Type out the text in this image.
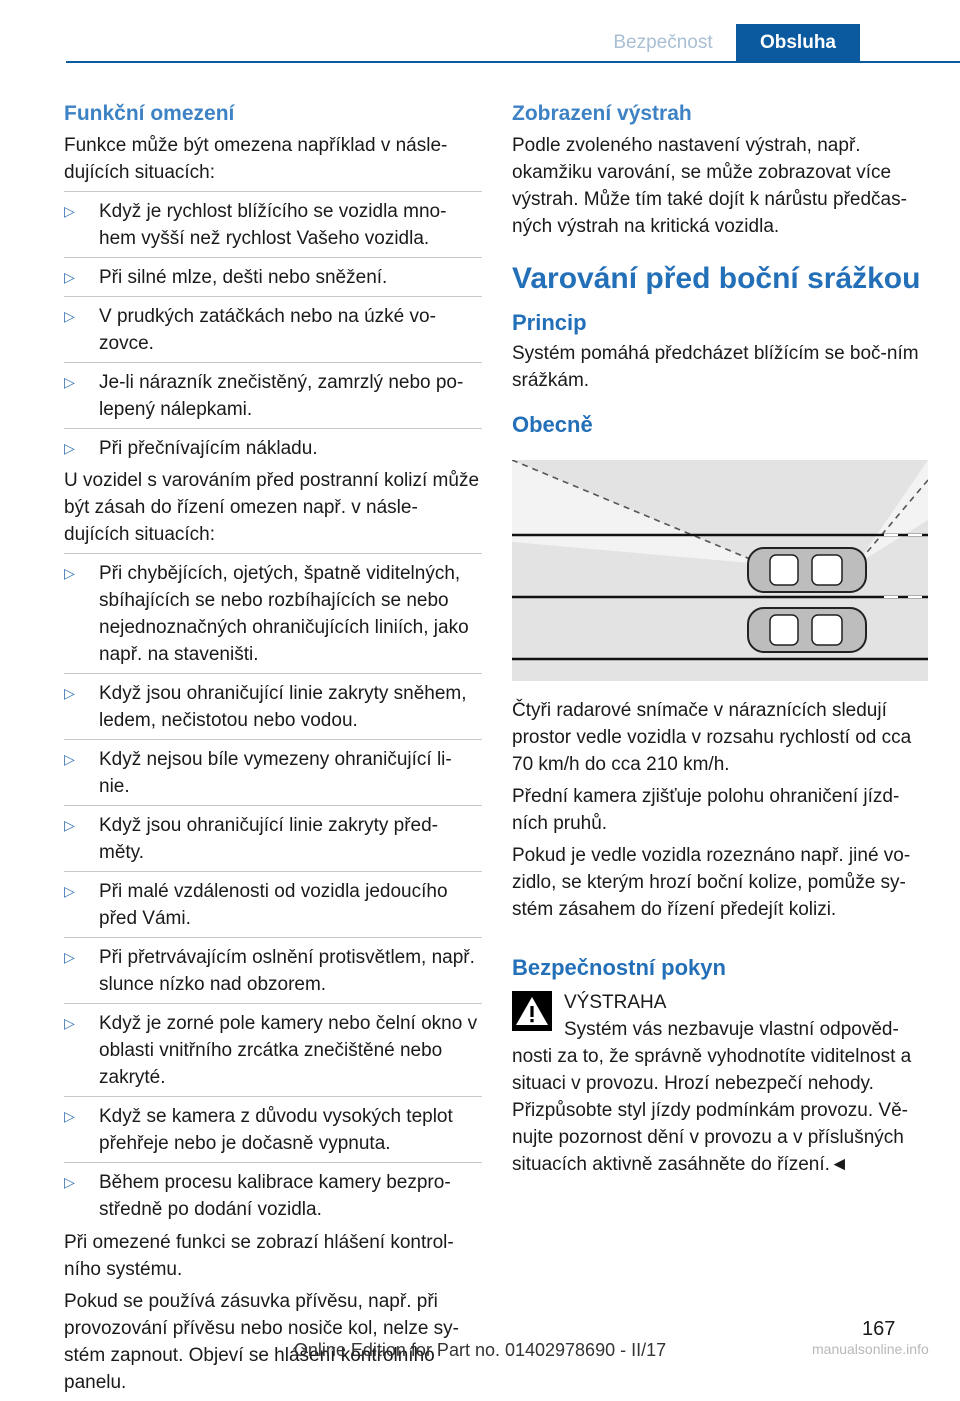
Bezpečnost	Obsluha
Funkční omezení
Funkce může být omezena například v násle-dujících situacích:
▷ Když je rychlost blížícího se vozidla mno-hem vyšší než rychlost Vašeho vozidla.
▷ Při silné mlze, dešti nebo sněžení.
▷ V prudkých zatáčkách nebo na úzké vo-zovce.
▷ Je-li nárazník znečistěný, zamrzlý nebo po-lepený nálepkami.
▷ Při přečnívajícím nákladu.
U vozidel s varováním před postranní kolizí může být zásah do řízení omezen např. v násle-dujících situacích:
▷ Při chybějících, ojetých, špatně viditelných, sbíhajících se nebo rozbíhajících se nebo nejednoznačných ohraničujících liniích, jako např. na staveništi.
▷ Když jsou ohraničující linie zakryty sněhem, ledem, nečistotou nebo vodou.
▷ Když nejsou bíle vymezeny ohraničující li-nie.
▷ Když jsou ohraničující linie zakryty před-měty.
▷ Při malé vzdálenosti od vozidla jedoucího před Vámi.
▷ Při přetrvávajícím oslnění protisvětlem, např. slunce nízko nad obzorem.
▷ Když je zorné pole kamery nebo čelní okno v oblasti vnitřního zrcátka znečištěné nebo zakryté.
▷ Když se kamera z důvodu vysokých teplot přehřeje nebo je dočasně vypnuta.
▷ Během procesu kalibrace kamery bezpro-středně po dodání vozidla.
Při omezené funkci se zobrazí hlášení kontrol-ního systému.
Pokud se používá zásuvka přívěsu, např. při provozování přívěsu nebo nosiče kol, nelze sy-stém zapnout. Objeví se hlášení kontrolního panelu.
Zobrazení výstrah
Podle zvoleného nastavení výstrah, např. okamžiku varování, se může zobrazovat více výstrah. Může tím také dojít k nárůstu předčas-ných výstrah na kritická vozidla.
Varování před boční srážkou
Princip
Systém pomáhá předcházet blížícím se boč-ním srážkám.
Obecně
Čtyři radarové snímače v náraznících sledují prostor vedle vozidla v rozsahu rychlostí od cca 70 km/h do cca 210 km/h.
Přední kamera zjišťuje polohu ohraničení jízd-ních pruhů.
Pokud je vedle vozidla rozeznáno např. jiné vo-zidlo, se kterým hrozí boční kolize, pomůže sy-stém zásahem do řízení předejít kolizi.
Bezpečnostní pokyn
VÝSTRAHA
Systém vás nezbavuje vlastní odpověd-nosti za to, že správně vyhodnotíte viditelnost a situaci v provozu. Hrozí nebezpečí nehody. Přizpůsobte styl jízdy podmínkám provozu. Vě-nujte pozornost dění v provozu a v příslušných situacích aktivně zasáhněte do řízení.◄
167
Online Edition for Part no. 01402978690 - II/17	manualsonline.info
